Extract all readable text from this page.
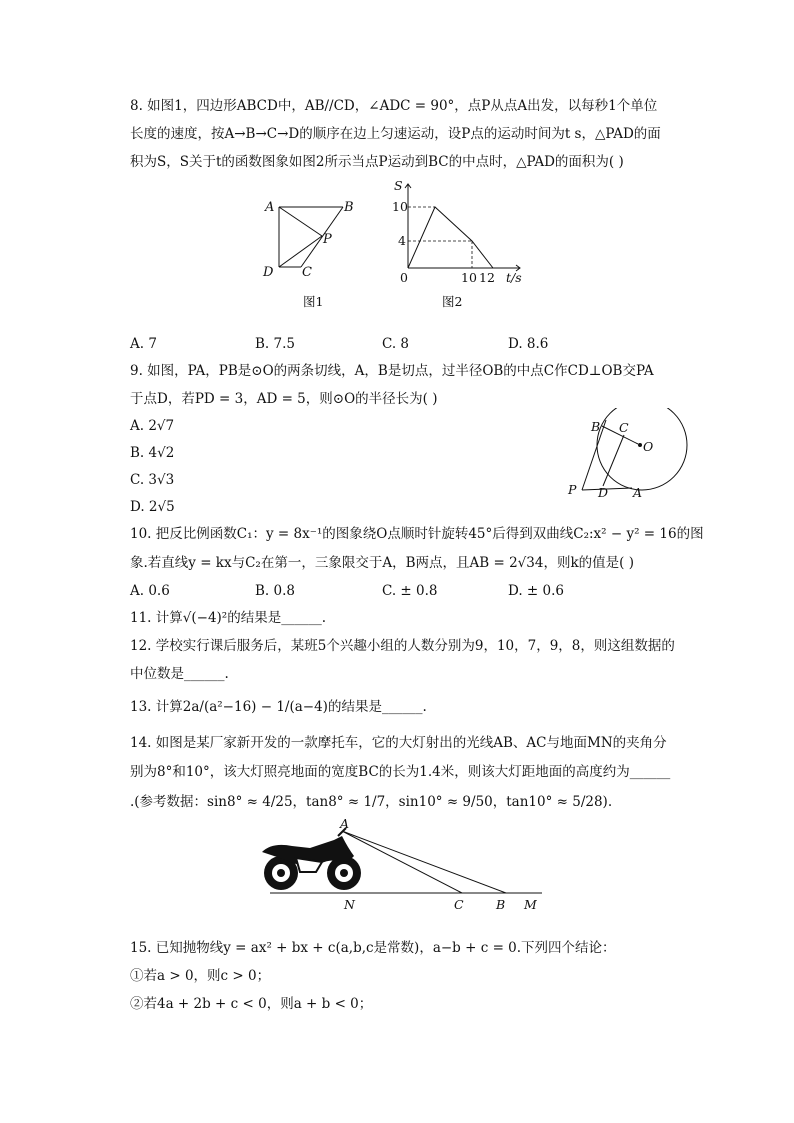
8. 如图1，四边形ABCD中，AB//CD，∠ADC = 90°，点P从点A出发，以每秒1个单位
长度的速度，按A→B→C→D的顺序在边上匀速运动，设P点的运动时间为t s，△PAD的面
积为S，S关于t的函数图象如图2所示当点P运动到BC的中点时，△PAD的面积为( )
A	B
P
D C
图1
S
t/s
10
4
0	10 12
图2
A. 7	B. 7.5	C. 8	D. 8.6
9. 如图，PA，PB是⊙O的两条切线，A，B是切点，过半径OB的中点C作CD⊥OB交PA
于点D，若PD = 3，AD = 5，则⊙O的半径长为( )
A. 2√7
B. 4√2
C. 3√3
D. 2√5
B C
O
P D A
10. 把反比例函数C₁：y = 8x⁻¹的图象绕O点顺时针旋转45°后得到双曲线C₂:x² − y² = 16的图
象.若直线y = kx与C₂在第一，三象限交于A，B两点，且AB = 2√34，则k的值是( )
A. 0.6	B. 0.8	C. ± 0.8	D. ± 0.6
11. 计算√(−4)²的结果是______.
12. 学校实行课后服务后，某班5个兴趣小组的人数分别为9，10，7，9，8，则这组数据的
中位数是______.
13. 计算2a/(a²−16) − 1/(a−4)的结果是______.
14. 如图是某厂家新开发的一款摩托车，它的大灯射出的光线AB、AC与地面MN的夹角分
别为8°和10°，该大灯照亮地面的宽度BC的长为1.4米，则该大灯距地面的高度约为______
.(参考数据：sin8° ≈ 4/25，tan8° ≈ 1/7，sin10° ≈ 9/50，tan10° ≈ 5/28).
A
N	C	B M
15. 已知抛物线y = ax² + bx + c(a,b,c是常数)，a−b + c = 0.下列四个结论：
①若a > 0，则c > 0；
②若4a + 2b + c < 0，则a + b < 0；
